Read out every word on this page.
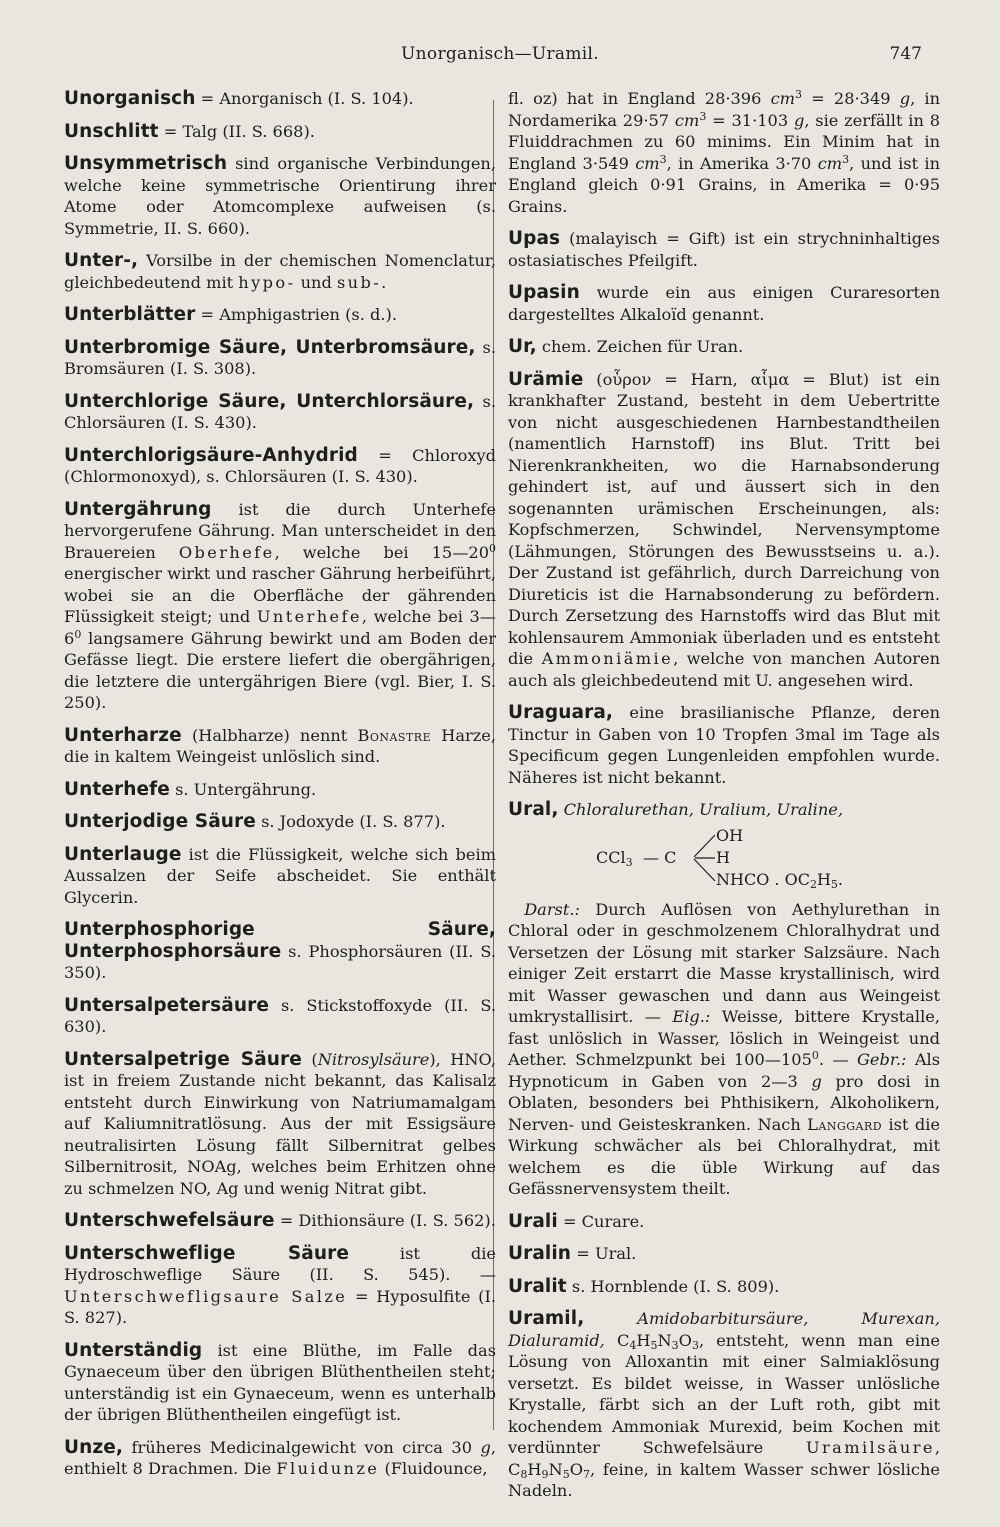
Unorganisch—Uramil.	747

Unorganisch = Anorganisch (I. S. 104).

Unschlitt = Talg (II. S. 668).

Unsymmetrisch sind organische Verbindungen, welche keine symmetrische Orientirung ihrer Atome oder Atomcomplexe aufweisen (s. Symmetrie, II. S. 660).

Unter-, Vorsilbe in der chemischen Nomenclatur, gleichbedeutend mit hypo- und sub-.

Unterblätter = Amphigastrien (s. d.).

Unterbromige Säure, Unterbromsäure, s. Bromsäuren (I. S. 308).

Unterchlorige Säure, Unterchlorsäure, s. Chlorsäuren (I. S. 430).

Unterchlorigsäure-Anhydrid = Chloroxyd (Chlormonoxyd), s. Chlorsäuren (I. S. 430).

Untergährung ist die durch Unterhefe hervorgerufene Gährung. Man unterscheidet in den Brauereien Oberhefe, welche bei $15—20^0$ energischer wirkt und rascher Gährung herbeiführt, wobei sie an die Oberfläche der gährenden Flüssigkeit steigt; und Unterhefe, welche bei $3—6^0$ langsamere Gährung bewirkt und am Boden der Gefässe liegt. Die erstere liefert die obergährigen, die letztere die untergährigen Biere (vgl. Bier, I. S. 250).

Unterharze (Halbharze) nennt Bonastre Harze, die in kaltem Weingeist unlöslich sind.

Unterhefe s. Untergährung.

Unterjodige Säure s. Jodoxyde (I. S. 877).

Unterlauge ist die Flüssigkeit, welche sich beim Aussalzen der Seife abscheidet. Sie enthält Glycerin.

Unterphosphorige Säure, Unterphosphorsäure s. Phosphorsäuren (II. S. 350).

Untersalpetersäure s. Stickstoffoxyde (II. S. 630).

Untersalpetrige Säure (Nitrosylsäure), HNO, ist in freiem Zustande nicht bekannt, das Kalisalz entsteht durch Einwirkung von Natriumamalgam auf Kaliumnitratlösung. Aus der mit Essigsäure neutralisirten Lösung fällt Silbernitrat gelbes Silbernitrosit, NOAg, welches beim Erhitzen ohne zu schmelzen NO, Ag und wenig Nitrat gibt.

Unterschwefelsäure = Dithionsäure (I. S. 562).

Unterschweflige Säure ist die Hydroschweflige Säure (II. S. 545). — Unterschwefligsaure Salze = Hyposulfite (I. S. 827).

Unterständig ist eine Blüthe, im Falle das Gynaeceum über den übrigen Blüthentheilen steht; unterständig ist ein Gynaeceum, wenn es unterhalb der übrigen Blüthentheilen eingefügt ist.

Unze, früheres Medicinalgewicht von circa 30 g, enthielt 8 Drachmen. Die Fluidunze (Fluidounce,

fl. oz) hat in England 28·396 $cm^3 = 28\cdot 349$ g, in Nordamerika 29·57 $cm^3 = 31\cdot 103$ g, sie zerfällt in 8 Fluiddrachmen zu 60 minims. Ein Minim hat in England 3·549 $cm^3$, in Amerika 3·70 $cm^3$, und ist in England gleich 0·91 Grains, in Amerika = 0·95 Grains.

Upas (malayisch = Gift) ist ein strychninhaltiges ostasiatisches Pfeilgift.

Upasin wurde ein aus einigen Curaresorten dargestelltes Alkaloïd genannt.

Ur, chem. Zeichen für Uran.

Urämie (οὖρον = Harn, αἷμα = Blut) ist ein krankhafter Zustand, besteht in dem Uebertritte von nicht ausgeschiedenen Harnbestandtheilen (namentlich Harnstoff) ins Blut. Tritt bei Nierenkrankheiten, wo die Harnabsonderung gehindert ist, auf und äussert sich in den sogenannten urämischen Erscheinungen, als: Kopfschmerzen, Schwindel, Nervensymptome (Lähmungen, Störungen des Bewusstseins u. a.). Der Zustand ist gefährlich, durch Darreichung von Diureticis ist die Harnabsonderung zu befördern. Durch Zersetzung des Harnstoffs wird das Blut mit kohlensaurem Ammoniak überladen und es entsteht die Ammoniämie, welche von manchen Autoren auch als gleichbedeutend mit U. angesehen wird.

Uraguara, eine brasilianische Pflanze, deren Tinctur in Gaben von 10 Tropfen 3mal im Tage als Specificum gegen Lungenleiden empfohlen wurde. Näheres ist nicht bekannt.

Ural, Chloralurethan, Uralium, Uraline,
CCl$_3$ — C
OH
H
NHCO . $OC_2H_5$.

 Darst.: Durch Auflösen von Aethylurethan in Chloral oder in geschmolzenem Chloralhydrat und Versetzen der Lösung mit starker Salzsäure. Nach einiger Zeit erstarrt die Masse krystallinisch, wird mit Wasser gewaschen und dann aus Weingeist umkrystallisirt. — Eig.: Weisse, bittere Krystalle, fast unlöslich in Wasser, löslich in Weingeist und Aether. Schmelzpunkt bei $100—105^0$. — Gebr.: Als Hypnoticum in Gaben von 2—3 g pro dosi in Oblaten, besonders bei Phthisikern, Alkoholikern, Nerven- und Geisteskranken. Nach Langgard ist die Wirkung schwächer als bei Chloralhydrat, mit welchem es die üble Wirkung auf das Gefässnervensystem theilt.

Urali = Curare.

Uralin = Ural.

Uralit s. Hornblende (I. S. 809).

Uramil, Amidobarbitursäure, Murexan, Dialuramid, $C_4H_5N_3O_3$, entsteht, wenn man eine Lösung von Alloxantin mit einer Salmiaklösung versetzt. Es bildet weisse, in Wasser unlösliche Krystalle, färbt sich an der Luft roth, gibt mit kochendem Ammoniak Murexid, beim Kochen mit verdünnter Schwefelsäure Uramilsäure, $C_8H_9N_5O_7$, feine, in kaltem Wasser schwer lösliche Nadeln.
